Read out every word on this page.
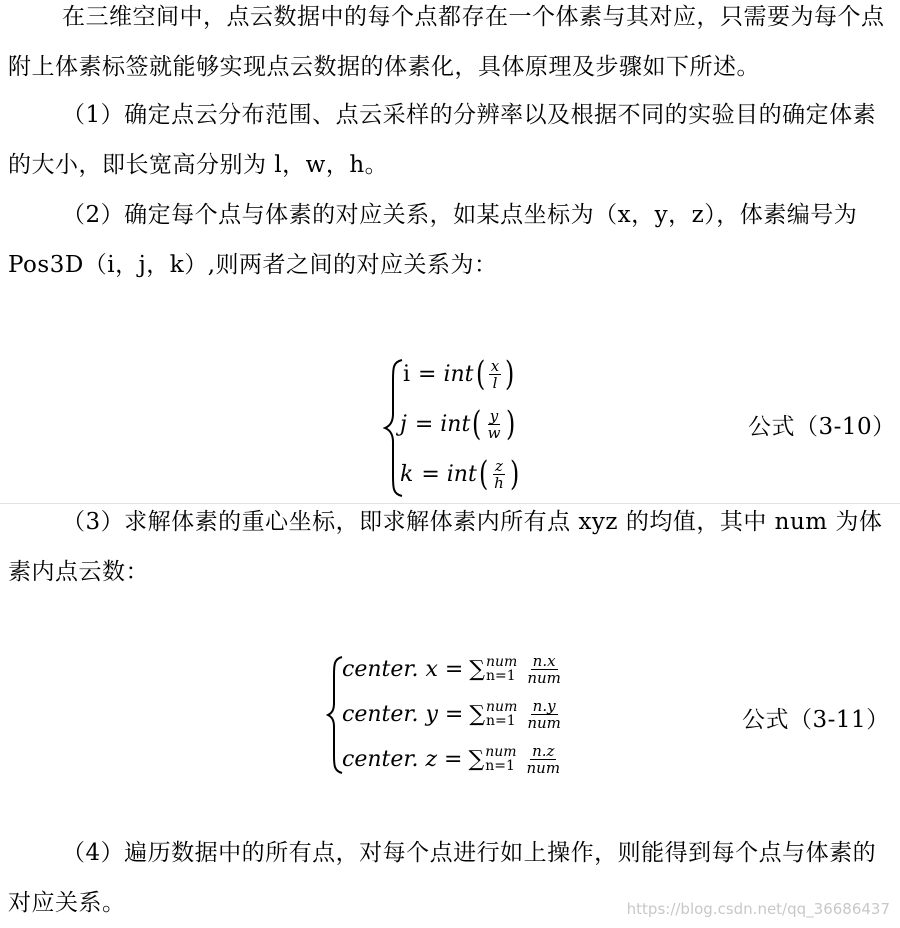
在三维空间中，点云数据中的每个点都存在一个体素与其对应，只需要为每个点附上体素标签就能够实现点云数据的体素化，具体原理及步骤如下所述。

（1）确定点云分布范围、点云采样的分辨率以及根据不同的实验目的确定体素的大小，即长宽高分别为 l，w，h。

（2）确定每个点与体素的对应关系，如某点坐标为（x，y，z），体素编号为 Pos3D（i，j，k）,则两者之间的对应关系为：

i = int ( $\frac{x}{l}$ )
j = int ( $\frac{y}{w}$ )
k = int ( $\frac{z}{h}$ )
公式（3-10）

（3）求解体素的重心坐标，即求解体素内所有点 xyz 的均值，其中 num 为体素内点云数：

center. x = ∑ num
$n=1 \frac{n.x}{\text{num}}$
center. y = ∑ num
$n=1 \frac{n.y}{\text{num}}$
center. z = ∑ num
$n=1 \frac{n.z}{\text{num}}$
公式（3-11）

（4）遍历数据中的所有点，对每个点进行如上操作，则能得到每个点与体素的对应关系。	https://blog.csdn.net/qq_36686437
